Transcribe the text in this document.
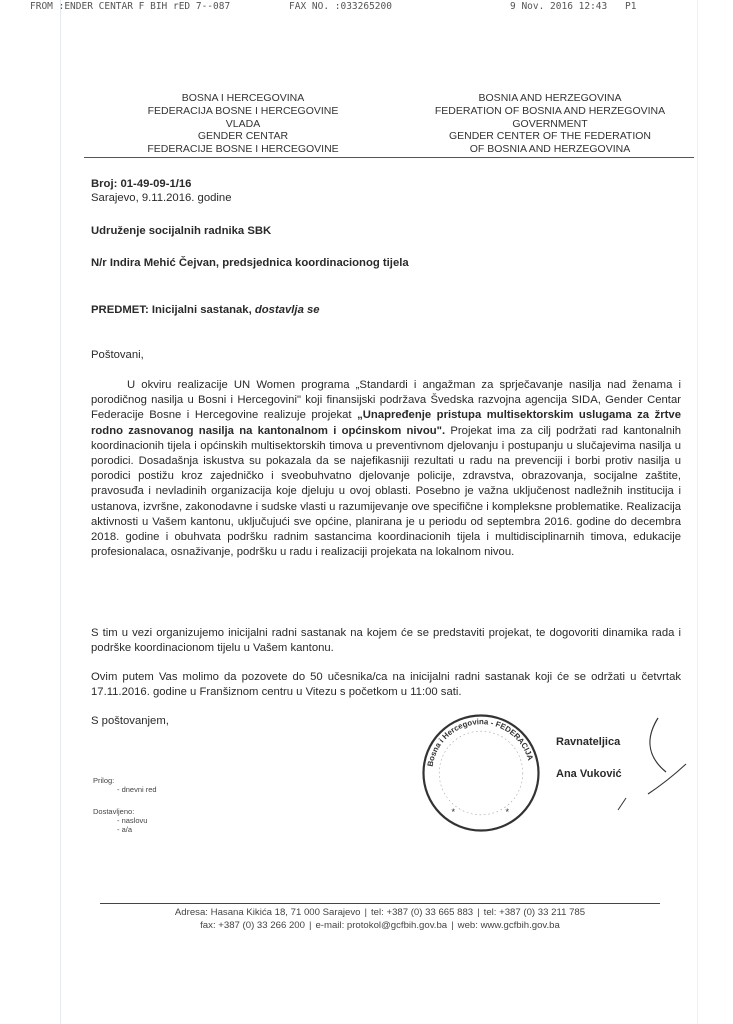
FROM :ENDER CENTAR F BIH rED 7--087	FAX NO. :033265200	9 Nov. 2016 12:43 P1
BOSNA I HERCEGOVINA
FEDERACIJA BOSNE I HERCEGOVINE
VLADA
GENDER CENTAR
FEDERACIJE BOSNE I HERCEGOVINE
BOSNIA AND HERZEGOVINA
FEDERATION OF BOSNIA AND HERZEGOVINA
GOVERNMENT
GENDER CENTER OF THE FEDERATION
OF BOSNIA AND HERZEGOVINA
Broj: 01-49-09-1/16
Sarajevo, 9.11.2016. godine
Udruženje socijalnih radnika SBK
N/r Indira Mehić Čejvan, predsjednica koordinacionog tijela
PREDMET: Inicijalni sastanak, dostavlja se
Poštovani,
U okviru realizacije UN Women programa „Standardi i angažman za sprječavanje nasilja nad ženama i porodičnog nasilja u Bosni i Hercegovini" koji finansijski podržava Švedska razvojna agencija SIDA, Gender Centar Federacije Bosne i Hercegovine realizuje projekat „Unapređenje pristupa multisektorskim uslugama za žrtve rodno zasnovanog nasilja na kantonalnom i općinskom nivou". Projekat ima za cilj podržati rad kantonalnih koordinacionih tijela i općinskih multisektorskih timova u preventivnom djelovanju i postupanju u slučajevima nasilja u porodici. Dosadašnja iskustva su pokazala da se najefikasniji rezultati u radu na prevenciji i borbi protiv nasilja u porodici postižu kroz zajedničko i sveobuhvatno djelovanje policije, zdravstva, obrazovanja, socijalne zaštite, pravosuđa i nevladinih organizacija koje djeluju u ovoj oblasti. Posebno je važna uključenost nadležnih institucija i ustanova, izvršne, zakonodavne i sudske vlasti u razumijevanje ove specifične i kompleksne problematike. Realizacija aktivnosti u Vašem kantonu, uključujući sve općine, planirana je u periodu od septembra 2016. godine do decembra 2018. godine i obuhvata podršku radnim sastancima koordinacionih tijela i multidisciplinarnih timova, edukacije profesionalaca, osnaživanje, podršku u radu i realizaciji projekata na lokalnom nivou.
S tim u vezi organizujemo inicijalni radni sastanak na kojem će se predstaviti projekat, te dogovoriti dinamika rada i podrške koordinacionom tijelu u Vašem kantonu.
Ovim putem Vas molimo da pozovete do 50 učesnika/ca na inicijalni radni sastanak koji će se održati u četvrtak 17.11.2016. godine u Franšiznom centru u Vitezu s početkom u 11:00 sati.
S poštovanjem,
Bosna i Hercegovina - FEDERACIJA
*
*
Ravnateljica
Ana Vuković
Prilog:
- dnevni red
Dostavljeno:
- naslovu
- a/a
Adresa: Hasana Kikića 18, 71 000 Sarajevo | tel: +387 (0) 33 665 883 | tel: +387 (0) 33 211 785
fax: +387 (0) 33 266 200 | e-mail: protokol@gcfbih.gov.ba | web: www.gcfbih.gov.ba
